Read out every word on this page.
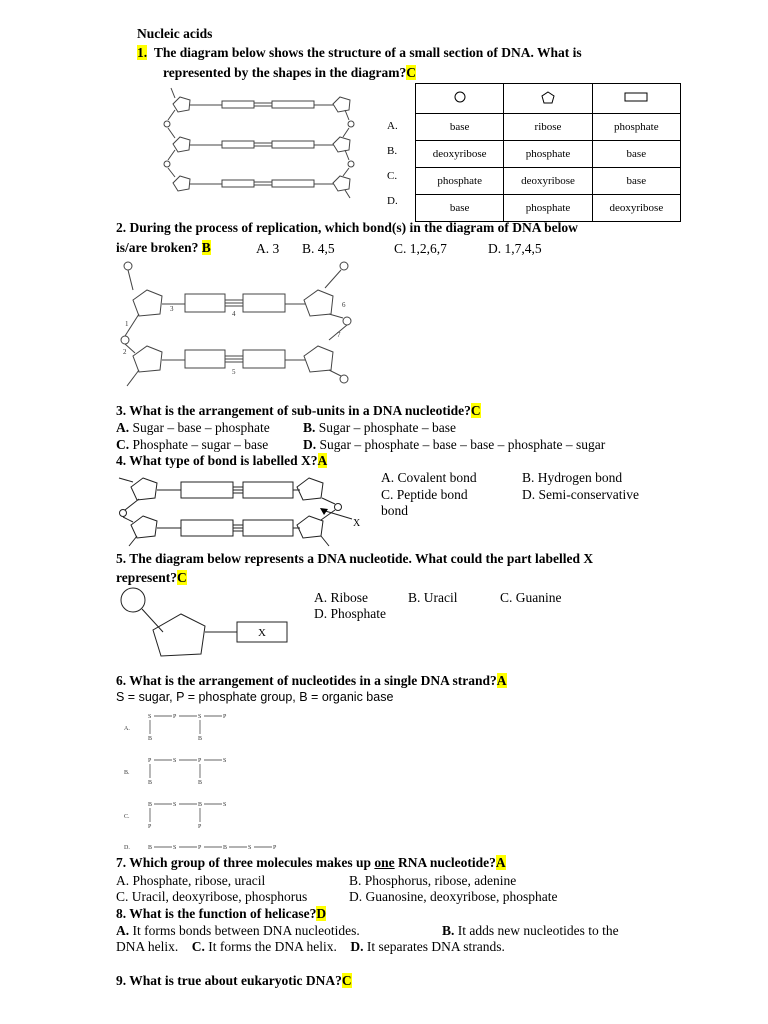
Nucleic acids
1. The diagram below shows the structure of a small section of DNA. What is
represented by the shapes in the diagram?C
A.
B.
C.
D.

base	ribose	phosphate
deoxyribose	phosphate	base
phosphate	deoxyribose	base
base	phosphate	deoxyribose
2. During the process of replication, which bond(s) in the diagram of DNA below
is/are broken? B	A. 3 B. 4,5	C. 1,2,6,7	D. 1,7,4,5
1
2
3
4
5
6
7
3. What is the arrangement of sub-units in a DNA nucleotide?C
A. Sugar – base – phosphate B. Sugar – phosphate – base
C. Phosphate – sugar – base	D. Sugar – phosphate – base – base – phosphate – sugar
4. What type of bond is labelled X?A
X
A. Covalent bond	B. Hydrogen bond
C. Peptide bond	D. Semi-conservative
bond
5. The diagram below represents a DNA nucleotide. What could the part labelled X
represent?C
X
A. Ribose	B. Uracil	C. Guanine
D. Phosphate
6. What is the arrangement of nucleotides in a single DNA strand?A
S = sugar, P = phosphate group, B = organic base
A.
S	P	S	P
B	B
B.
P	S	P	S
B	B
C.
B	S	B	S
P	P
D.	B	S	P	B	S	P
7. Which group of three molecules makes up one RNA nucleotide?A
A. Phosphate, ribose, uracil	B. Phosphorus, ribose, adenine
C. Uracil, deoxyribose, phosphorus	D. Guanosine, deoxyribose, phosphate
8. What is the function of helicase?D
A. It forms bonds between DNA nucleotides.	B. It adds new nucleotides to the
DNA helix. C. It forms the DNA helix. D. It separates DNA strands.
9. What is true about eukaryotic DNA?C
